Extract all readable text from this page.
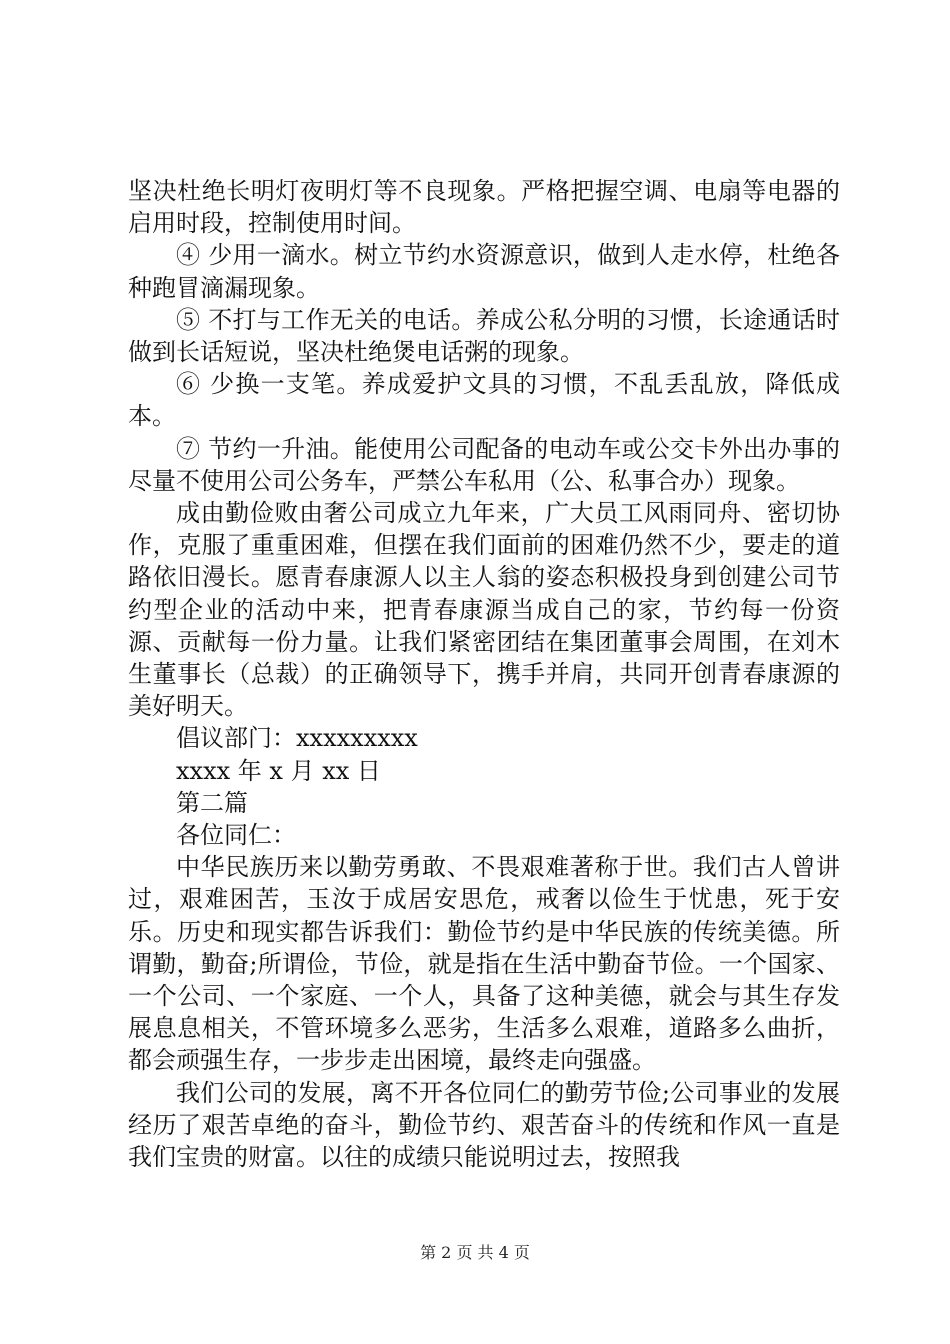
坚决杜绝长明灯夜明灯等不良现象。严格把握空调、电扇等电器的启用时段，控制使用时间。

④ 少用一滴水。树立节约水资源意识，做到人走水停，杜绝各种跑冒滴漏现象。

⑤ 不打与工作无关的电话。养成公私分明的习惯，长途通话时做到长话短说，坚决杜绝煲电话粥的现象。

⑥ 少换一支笔。养成爱护文具的习惯，不乱丢乱放，降低成本。

⑦ 节约一升油。能使用公司配备的电动车或公交卡外出办事的尽量不使用公司公务车，严禁公车私用（公、私事合办）现象。

成由勤俭败由奢公司成立九年来，广大员工风雨同舟、密切协作，克服了重重困难，但摆在我们面前的困难仍然不少，要走的道路依旧漫长。愿青春康源人以主人翁的姿态积极投身到创建公司节约型企业的活动中来，把青春康源当成自己的家，节约每一份资源、贡献每一份力量。让我们紧密团结在集团董事会周围，在刘木生董事长（总裁）的正确领导下，携手并肩，共同开创青春康源的美好明天。

倡议部门：xxxxxxxxx

xxxx 年 x 月 xx 日

第二篇

各位同仁：

中华民族历来以勤劳勇敢、不畏艰难著称于世。我们古人曾讲过，艰难困苦，玉汝于成居安思危，戒奢以俭生于忧患，死于安乐。历史和现实都告诉我们：勤俭节约是中华民族的传统美德。所谓勤，勤奋;所谓俭，节俭，就是指在生活中勤奋节俭。一个国家、一个公司、一个家庭、一个人，具备了这种美德，就会与其生存发展息息相关，不管环境多么恶劣，生活多么艰难，道路多么曲折，都会顽强生存，一步步走出困境，最终走向强盛。

我们公司的发展，离不开各位同仁的勤劳节俭;公司事业的发展经历了艰苦卓绝的奋斗，勤俭节约、艰苦奋斗的传统和作风一直是我们宝贵的财富。以往的成绩只能说明过去，按照我

第 2 页 共 4 页
